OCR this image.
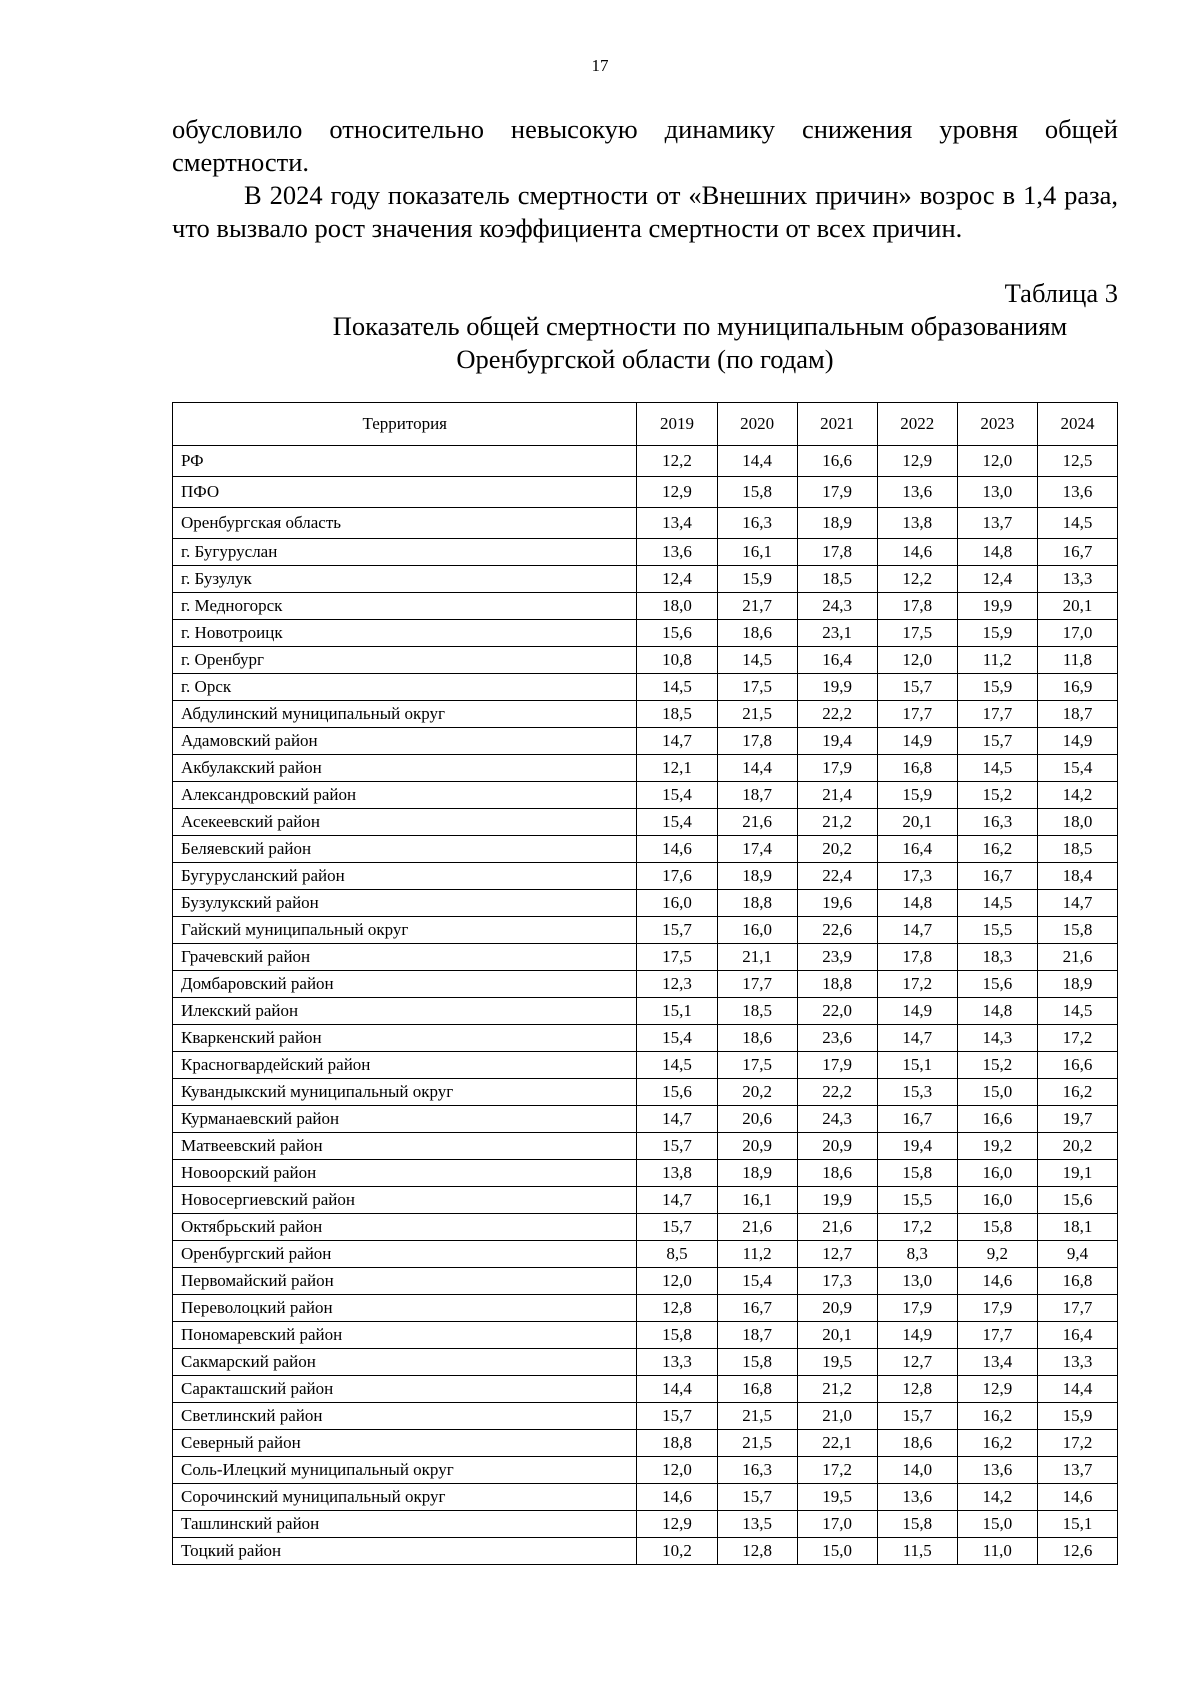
17

обусловило относительно невысокую динамику снижения уровня общей смертности.

В 2024 году показатель смертности от «Внешних причин» возрос в 1,4 раза, что вызвало рост значения коэффициента смертности от всех причин.

Таблица 3
Показатель общей смертности по муниципальным образованиям
Оренбургской области (по годам)
Территория	2019	2020	2021	2022	2023	2024
РФ	12,2	14,4	16,6	12,9	12,0	12,5
ПФО	12,9	15,8	17,9	13,6	13,0	13,6
Оренбургская область	13,4	16,3	18,9	13,8	13,7	14,5
г. Бугуруслан	13,6	16,1	17,8	14,6	14,8	16,7
г. Бузулук	12,4	15,9	18,5	12,2	12,4	13,3
г. Медногорск	18,0	21,7	24,3	17,8	19,9	20,1
г. Новотроицк	15,6	18,6	23,1	17,5	15,9	17,0
г. Оренбург	10,8	14,5	16,4	12,0	11,2	11,8
г. Орск	14,5	17,5	19,9	15,7	15,9	16,9
Абдулинский муниципальный округ	18,5	21,5	22,2	17,7	17,7	18,7
Адамовский район	14,7	17,8	19,4	14,9	15,7	14,9
Акбулакский район	12,1	14,4	17,9	16,8	14,5	15,4
Александровский район	15,4	18,7	21,4	15,9	15,2	14,2
Асекеевский район	15,4	21,6	21,2	20,1	16,3	18,0
Беляевский район	14,6	17,4	20,2	16,4	16,2	18,5
Бугурусланский район	17,6	18,9	22,4	17,3	16,7	18,4
Бузулукский район	16,0	18,8	19,6	14,8	14,5	14,7
Гайский муниципальный округ	15,7	16,0	22,6	14,7	15,5	15,8
Грачевский район	17,5	21,1	23,9	17,8	18,3	21,6
Домбаровский район	12,3	17,7	18,8	17,2	15,6	18,9
Илекский район	15,1	18,5	22,0	14,9	14,8	14,5
Кваркенский район	15,4	18,6	23,6	14,7	14,3	17,2
Красногвардейский район	14,5	17,5	17,9	15,1	15,2	16,6
Кувандыкский муниципальный округ	15,6	20,2	22,2	15,3	15,0	16,2
Курманаевский район	14,7	20,6	24,3	16,7	16,6	19,7
Матвеевский район	15,7	20,9	20,9	19,4	19,2	20,2
Новоорский район	13,8	18,9	18,6	15,8	16,0	19,1
Новосергиевский район	14,7	16,1	19,9	15,5	16,0	15,6
Октябрьский район	15,7	21,6	21,6	17,2	15,8	18,1
Оренбургский район	8,5	11,2	12,7	8,3	9,2	9,4
Первомайский район	12,0	15,4	17,3	13,0	14,6	16,8
Переволоцкий район	12,8	16,7	20,9	17,9	17,9	17,7
Пономаревский район	15,8	18,7	20,1	14,9	17,7	16,4
Сакмарский район	13,3	15,8	19,5	12,7	13,4	13,3
Саракташский район	14,4	16,8	21,2	12,8	12,9	14,4
Светлинский район	15,7	21,5	21,0	15,7	16,2	15,9
Северный район	18,8	21,5	22,1	18,6	16,2	17,2
Соль-Илецкий муниципальный округ	12,0	16,3	17,2	14,0	13,6	13,7
Сорочинский муниципальный округ	14,6	15,7	19,5	13,6	14,2	14,6
Ташлинский район	12,9	13,5	17,0	15,8	15,0	15,1
Тоцкий район	10,2	12,8	15,0	11,5	11,0	12,6
